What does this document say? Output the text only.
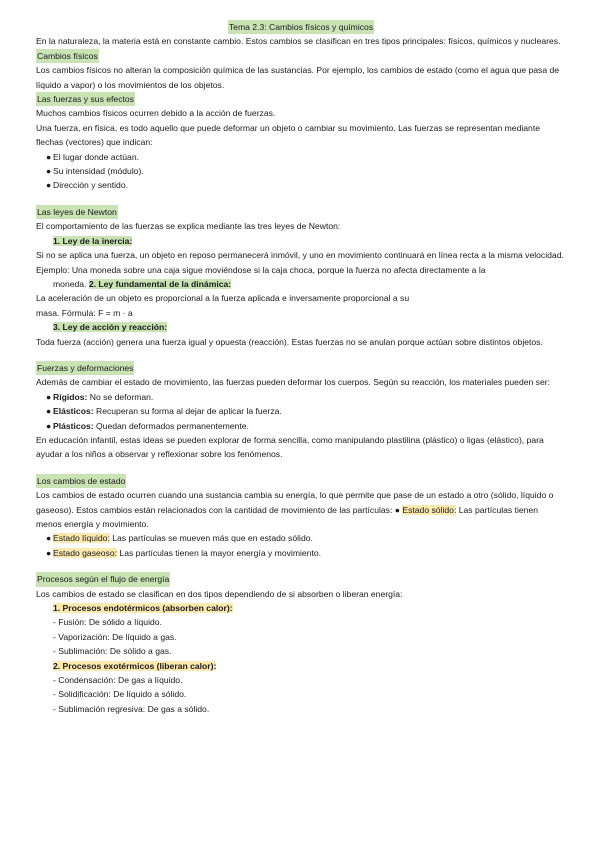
Tema 2.3: Cambios físicos y químicos

En la naturaleza, la materia está en constante cambio. Estos cambios se clasifican en tres tipos principales: físicos, químicos y nucleares.

Cambios físicos

Los cambios físicos no alteran la composición química de las sustancias. Por ejemplo, los cambios de estado (como el agua que pasa de líquido a vapor) o los movimientos de los objetos.

Las fuerzas y sus efectos

Muchos cambios físicos ocurren debido a la acción de fuerzas.

Una fuerza, en física, es todo aquello que puede deformar un objeto o cambiar su movimiento. Las fuerzas se representan mediante flechas (vectores) que indican:

● El lugar donde actúan.
● Su intensidad (módulo).
● Dirección y sentido.
Las leyes de Newton

El comportamiento de las fuerzas se explica mediante las tres leyes de Newton:

1. Ley de la inercia:

Si no se aplica una fuerza, un objeto en reposo permanecerá inmóvil, y uno en movimiento continuará en línea recta a la misma velocidad.

Ejemplo: Una moneda sobre una caja sigue moviéndose si la caja choca, porque la fuerza no afecta directamente a la

moneda. 2. Ley fundamental de la dinámica:

La aceleración de un objeto es proporcional a la fuerza aplicada e inversamente proporcional a su

masa. Fórmula: F = m · a

3. Ley de acción y reacción:

Toda fuerza (acción) genera una fuerza igual y opuesta (reacción). Estas fuerzas no se anulan porque actúan sobre distintos objetos.

Fuerzas y deformaciones

Además de cambiar el estado de movimiento, las fuerzas pueden deformar los cuerpos. Según su reacción, los materiales pueden ser:

● Rígidos: No se deforman.
● Elásticos: Recuperan su forma al dejar de aplicar la fuerza.
● Plásticos: Quedan deformados permanentemente.

En educación infantil, estas ideas se pueden explorar de forma sencilla, como manipulando plastilina (plástico) o ligas (elástico), para ayudar a los niños a observar y reflexionar sobre los fenómenos.

Los cambios de estado

Los cambios de estado ocurren cuando una sustancia cambia su energía, lo que permite que pase de un estado a otro (sólido, líquido o gaseoso). Estos cambios están relacionados con la cantidad de movimiento de las partículas: ● Estado sólido: Las partículas tienen menos energía y movimiento.

● Estado líquido: Las partículas se mueven más que en estado sólido.
● Estado gaseoso: Las partículas tienen la mayor energía y movimiento.
Procesos según el flujo de energía

Los cambios de estado se clasifican en dos tipos dependiendo de si absorben o liberan energía:

1. Procesos endotérmicos (absorben calor):
- Fusión: De sólido a líquido.
- Vaporización: De líquido a gas.
- Sublimación: De sólido a gas.
2. Procesos exotérmicos (liberan calor):
- Condensación: De gas a líquido.
- Solidificación: De líquido a sólido.
- Sublimación regresiva: De gas a sólido.
